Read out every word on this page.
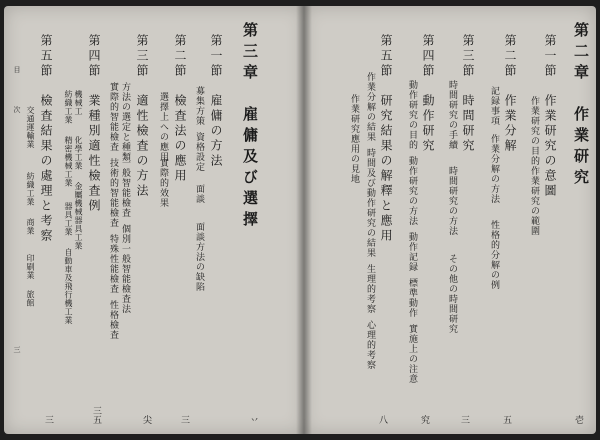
第二章　作業研究
壱
第一節　作業研究の意圖
作業研究の目的
作業研究の範圍
第二節　作業分解
記録事項
作業分解の方法
性格的分解の例
五
第三節　時間研究
時間研究の手續
時間研究の方法
その他の時間研究
三
第四節　動作研究
動作研究の目的
動作研究の方法
動作記録
標準動作
實施上の注意
究
第五節　研究結果の解釋と應用
作業分解の結果
時間及び動作研究の結果
生理的考察
心理的考察
作業研究應用の見地
八
第三章　雇傭及び選擇
丷
第一節　雇傭の方法
募集方策
資格設定
面談
面談方法の缺陷
第二節　檢査法の應用
選擇上への應用
實際的效果
三
第三節　適性檢査の方法
方法の選定と種類
一般智能檢査
個別一般智能檢査法
實際的智能檢査
技術的智能檢査
特殊性能檢査
性格檢査
尖
第四節　業種別適性檢査例
機械工
化學工業
金屬機械器具工業
紡織工業
精密機械工業
器具工業
自動車及飛行機工業
三五
第五節　檢査結果の處理と考察
交通運輸業
紡織工業
商業
印刷業
旅館
三
目
次
三
